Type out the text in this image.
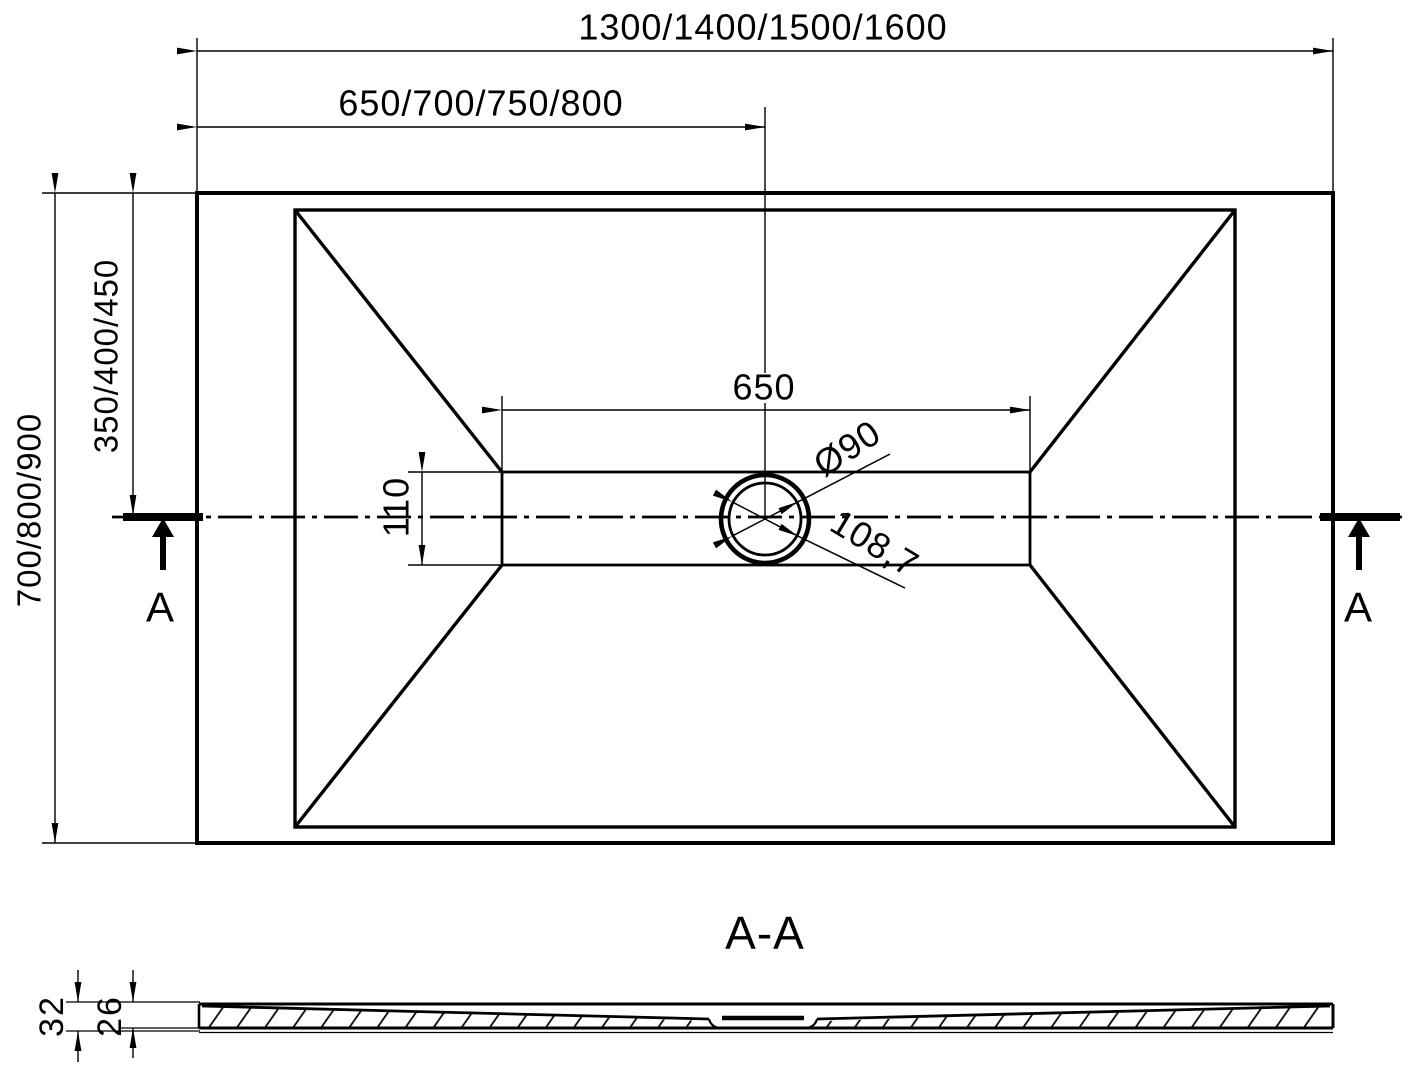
1300/1400/1500/1600
650/700/750/800
650
110
Ø90
108,7
700/800/900
350/400/450
A	A
A-A
32 26
